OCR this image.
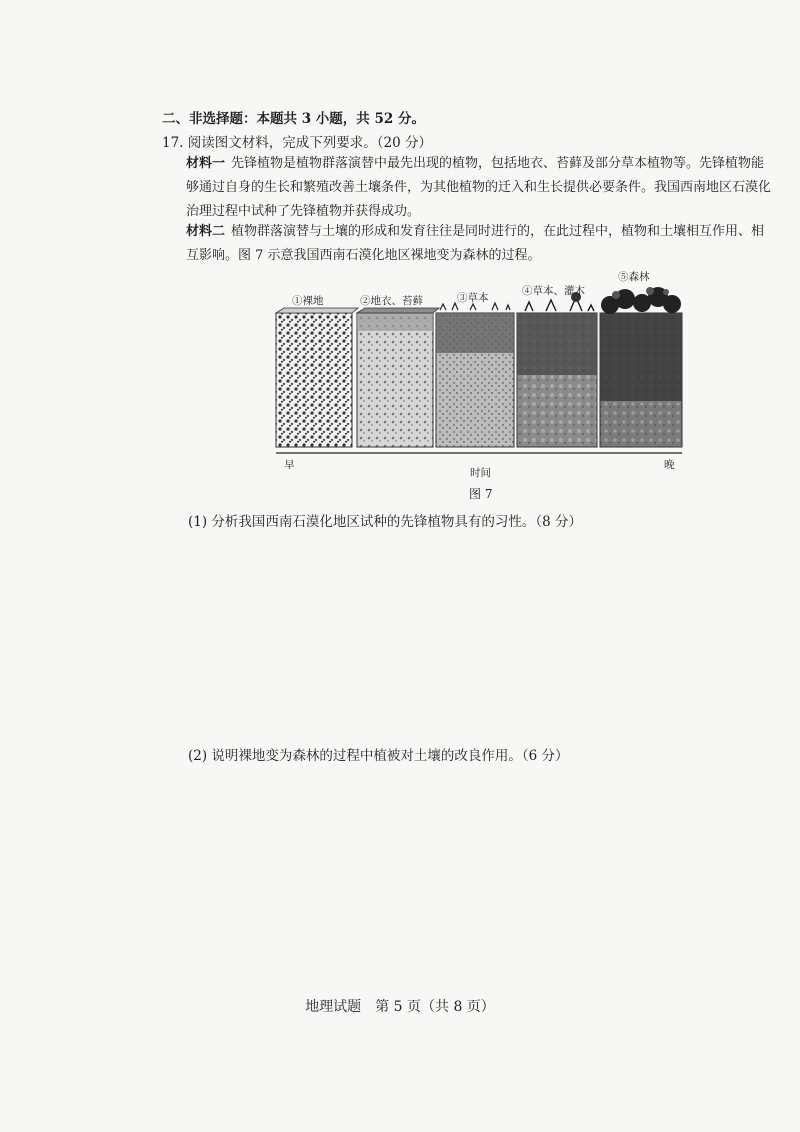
二、非选择题：本题共 3 小题，共 52 分。
17. 阅读图文材料，完成下列要求。（20 分）
材料一 先锋植物是植物群落演替中最先出现的植物，包括地衣、苔藓及部分草本植物等。先锋植物能够通过自身的生长和繁殖改善土壤条件，为其他植物的迁入和生长提供必要条件。我国西南地区石漠化治理过程中试种了先锋植物并获得成功。
材料二 植物群落演替与土壤的形成和发育往往是同时进行的，在此过程中，植物和土壤相互作用、相互影响。图 7 示意我国西南石漠化地区裸地变为森林的过程。
①裸地	②地衣、苔藓	③草本
④草本、灌木
⑤森林
早
时间
晚
图 7
(1) 分析我国西南石漠化地区试种的先锋植物具有的习性。（8 分）
(2) 说明裸地变为森林的过程中植被对土壤的改良作用。（6 分）
地理试题　第 5 页（共 8 页）
